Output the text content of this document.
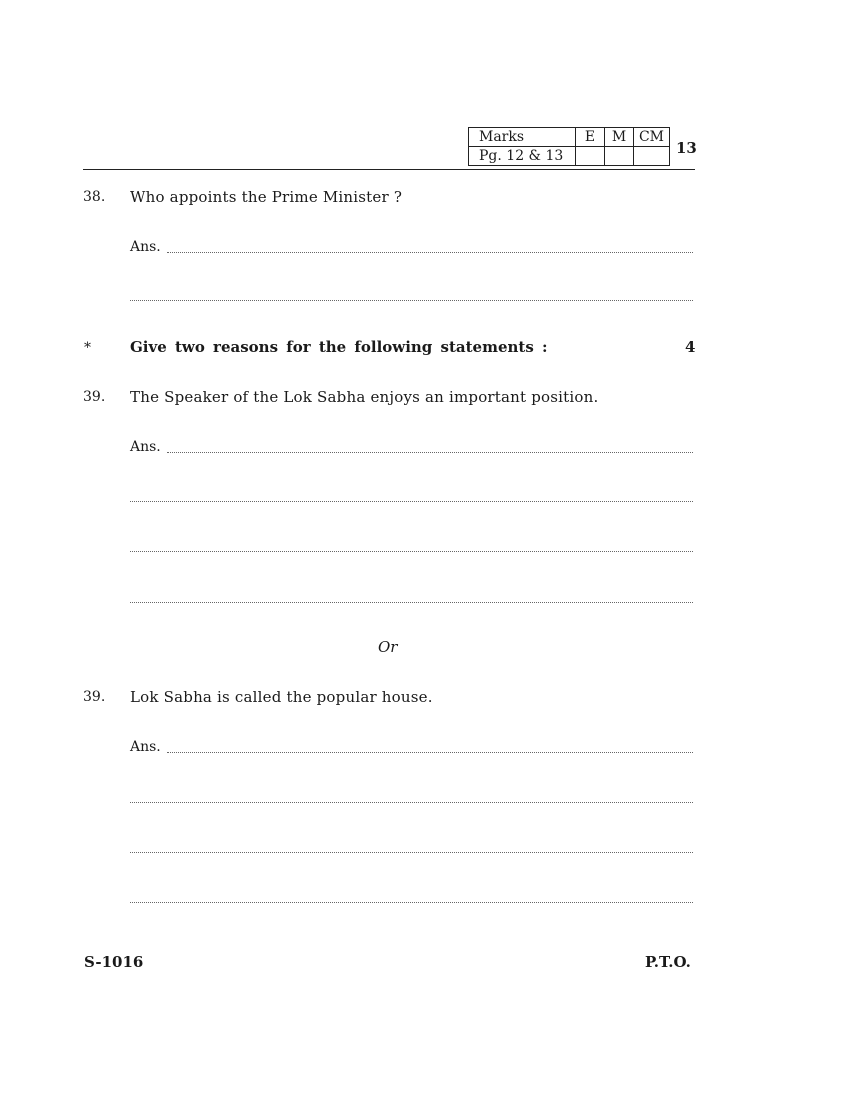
Marks	E	M	CM
Pg. 12 & 13				13
38. Who appoints the Prime Minister ?
Ans.
*	Give two reasons for the following statements :	4
39. The Speaker of the Lok Sabha enjoys an important position.
Ans.
Or
39. Lok Sabha is called the popular house.
Ans.
S-1016	P.T.O.
